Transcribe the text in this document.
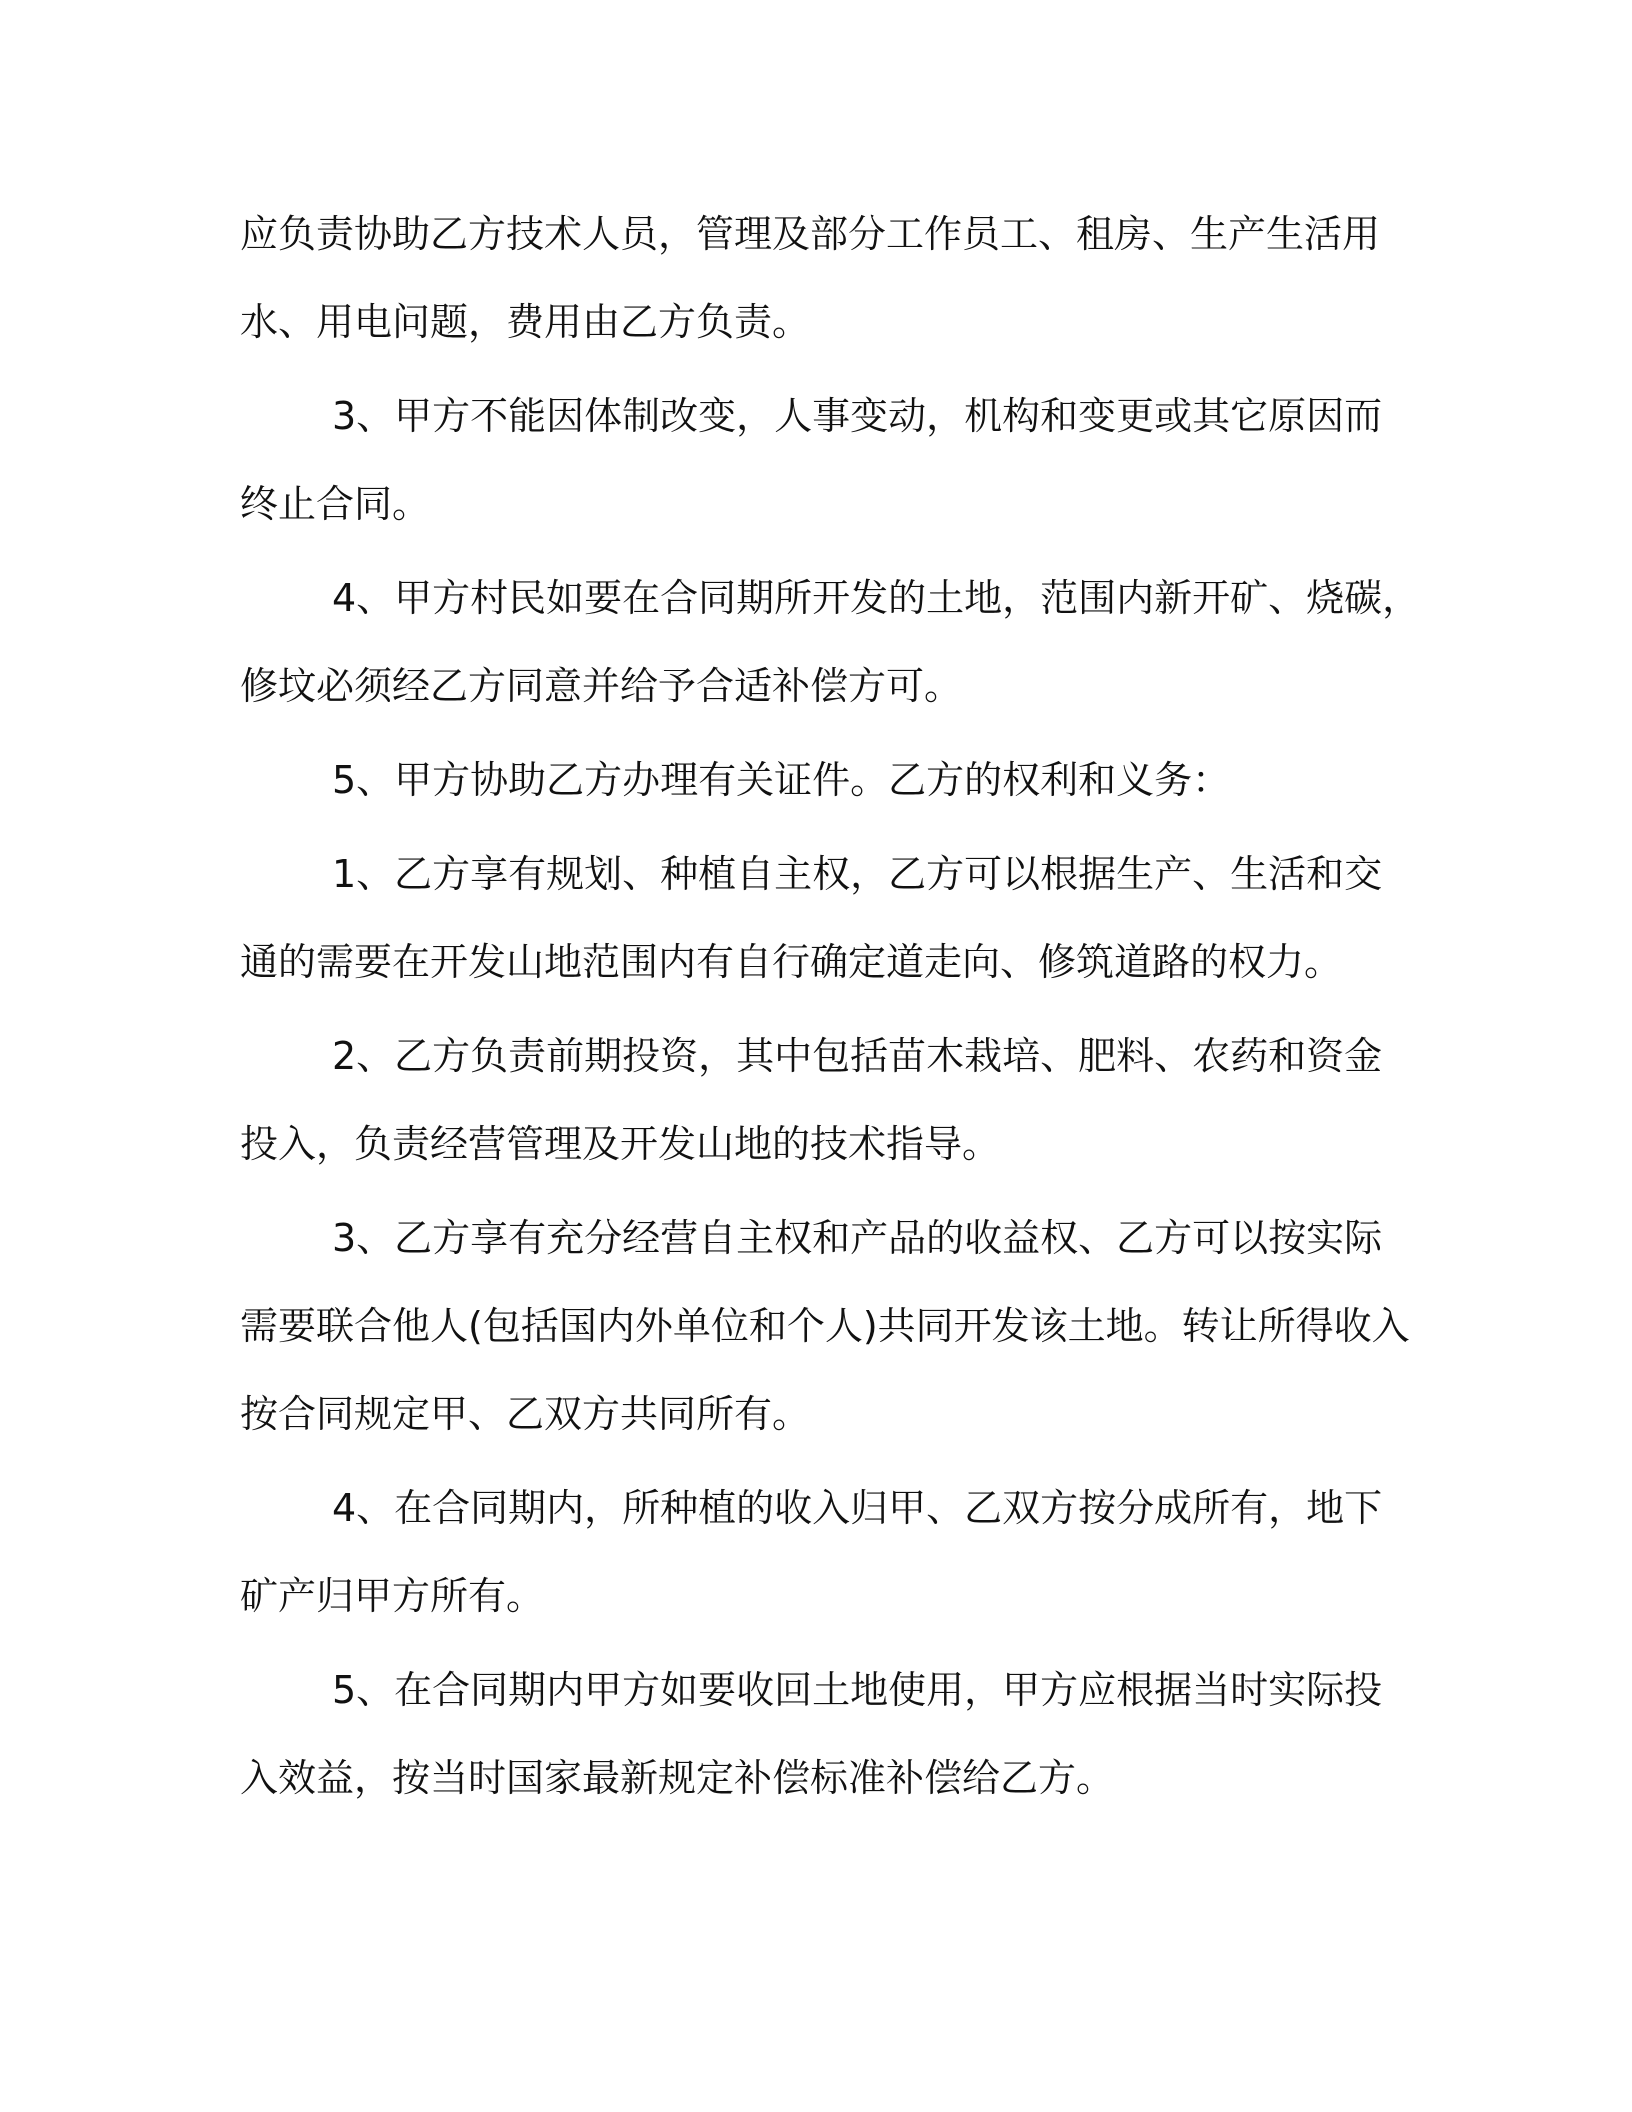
应负责协助乙方技术人员，管理及部分工作员工、租房、生产生活用
水、用电问题，费用由乙方负责。

3、甲方不能因体制改变，人事变动，机构和变更或其它原因而
终止合同。

4、甲方村民如要在合同期所开发的土地，范围内新开矿、烧碳，
修坟必须经乙方同意并给予合适补偿方可。

5、甲方协助乙方办理有关证件。乙方的权利和义务：

1、乙方享有规划、种植自主权，乙方可以根据生产、生活和交
通的需要在开发山地范围内有自行确定道走向、修筑道路的权力。

2、乙方负责前期投资，其中包括苗木栽培、肥料、农药和资金
投入，负责经营管理及开发山地的技术指导。

3、乙方享有充分经营自主权和产品的收益权、乙方可以按实际
需要联合他人(包括国内外单位和个人)共同开发该土地。转让所得收入
按合同规定甲、乙双方共同所有。

4、在合同期内，所种植的收入归甲、乙双方按分成所有，地下
矿产归甲方所有。

5、在合同期内甲方如要收回土地使用，甲方应根据当时实际投
入效益，按当时国家最新规定补偿标准补偿给乙方。
